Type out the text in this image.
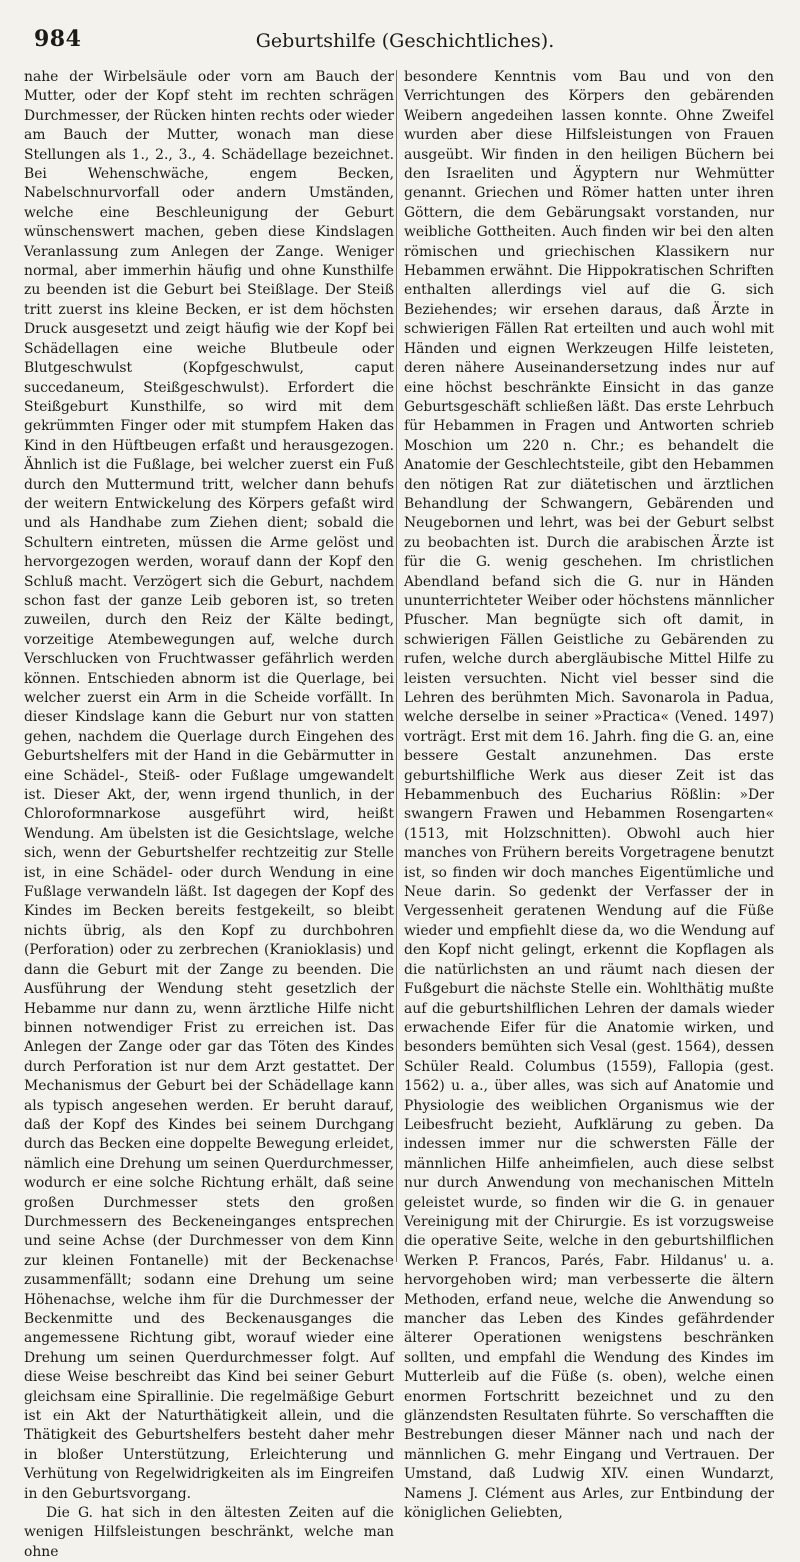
984	Geburtshilfe (Geschichtliches).

nahe der Wirbelsäule oder vorn am Bauch der Mutter, oder der Kopf steht im rechten schrägen Durchmesser, der Rücken hinten rechts oder wieder am Bauch der Mutter, wonach man diese Stellungen als 1., 2., 3., 4. Schädellage bezeichnet. Bei Wehenschwäche, engem Becken, Nabelschnurvorfall oder andern Umständen, welche eine Beschleunigung der Geburt wünschenswert machen, geben diese Kindslagen Veranlassung zum Anlegen der Zange. Weniger normal, aber immerhin häufig und ohne Kunsthilfe zu beenden ist die Geburt bei Steißlage. Der Steiß tritt zuerst ins kleine Becken, er ist dem höchsten Druck ausgesetzt und zeigt häufig wie der Kopf bei Schädellagen eine weiche Blutbeule oder Blutgeschwulst (Kopfgeschwulst, caput succedaneum, Steißgeschwulst). Erfordert die Steißgeburt Kunsthilfe, so wird mit dem gekrümmten Finger oder mit stumpfem Haken das Kind in den Hüftbeugen erfaßt und herausgezogen. Ähnlich ist die Fußlage, bei welcher zuerst ein Fuß durch den Muttermund tritt, welcher dann behufs der weitern Entwickelung des Körpers gefaßt wird und als Handhabe zum Ziehen dient; sobald die Schultern eintreten, müssen die Arme gelöst und hervorgezogen werden, worauf dann der Kopf den Schluß macht. Verzögert sich die Geburt, nachdem schon fast der ganze Leib geboren ist, so treten zuweilen, durch den Reiz der Kälte bedingt, vorzeitige Atembewegungen auf, welche durch Verschlucken von Fruchtwasser gefährlich werden können. Entschieden abnorm ist die Querlage, bei welcher zuerst ein Arm in die Scheide vorfällt. In dieser Kindslage kann die Geburt nur von statten gehen, nachdem die Querlage durch Eingehen des Geburtshelfers mit der Hand in die Gebärmutter in eine Schädel-, Steiß- oder Fußlage umgewandelt ist. Dieser Akt, der, wenn irgend thunlich, in der Chloroformnarkose ausgeführt wird, heißt Wendung. Am übelsten ist die Gesichtslage, welche sich, wenn der Geburtshelfer rechtzeitig zur Stelle ist, in eine Schädel- oder durch Wendung in eine Fußlage verwandeln läßt. Ist dagegen der Kopf des Kindes im Becken bereits festgekeilt, so bleibt nichts übrig, als den Kopf zu durchbohren (Perforation) oder zu zerbrechen (Kranioklasis) und dann die Geburt mit der Zange zu beenden. Die Ausführung der Wendung steht gesetzlich der Hebamme nur dann zu, wenn ärztliche Hilfe nicht binnen notwendiger Frist zu erreichen ist. Das Anlegen der Zange oder gar das Töten des Kindes durch Perforation ist nur dem Arzt gestattet. Der Mechanismus der Geburt bei der Schädellage kann als typisch angesehen werden. Er beruht darauf, daß der Kopf des Kindes bei seinem Durchgang durch das Becken eine doppelte Bewegung erleidet, nämlich eine Drehung um seinen Querdurchmesser, wodurch er eine solche Richtung erhält, daß seine großen Durchmesser stets den großen Durchmessern des Beckeneinganges entsprechen und seine Achse (der Durchmesser von dem Kinn zur kleinen Fontanelle) mit der Beckenachse zusammenfällt; sodann eine Drehung um seine Höhenachse, welche ihm für die Durchmesser der Beckenmitte und des Beckenausganges die angemessene Richtung gibt, worauf wieder eine Drehung um seinen Querdurchmesser folgt. Auf diese Weise beschreibt das Kind bei seiner Geburt gleichsam eine Spirallinie. Die regelmäßige Geburt ist ein Akt der Naturthätigkeit allein, und die Thätigkeit des Geburtshelfers besteht daher mehr in bloßer Unterstützung, Erleichterung und Verhütung von Regelwidrigkeiten als im Eingreifen in den Geburtsvorgang.

Die G. hat sich in den ältesten Zeiten auf die wenigen Hilfsleistungen beschränkt, welche man ohne

besondere Kenntnis vom Bau und von den Verrichtungen des Körpers den gebärenden Weibern angedeihen lassen konnte. Ohne Zweifel wurden aber diese Hilfsleistungen von Frauen ausgeübt. Wir finden in den heiligen Büchern bei den Israeliten und Ägyptern nur Wehmütter genannt. Griechen und Römer hatten unter ihren Göttern, die dem Gebärungsakt vorstanden, nur weibliche Gottheiten. Auch finden wir bei den alten römischen und griechischen Klassikern nur Hebammen erwähnt. Die Hippokratischen Schriften enthalten allerdings viel auf die G. sich Beziehendes; wir ersehen daraus, daß Ärzte in schwierigen Fällen Rat erteilten und auch wohl mit Händen und eignen Werkzeugen Hilfe leisteten, deren nähere Auseinandersetzung indes nur auf eine höchst beschränkte Einsicht in das ganze Geburtsgeschäft schließen läßt. Das erste Lehrbuch für Hebammen in Fragen und Antworten schrieb Moschion um 220 n. Chr.; es behandelt die Anatomie der Geschlechtsteile, gibt den Hebammen den nötigen Rat zur diätetischen und ärztlichen Behandlung der Schwangern, Gebärenden und Neugebornen und lehrt, was bei der Geburt selbst zu beobachten ist. Durch die arabischen Ärzte ist für die G. wenig geschehen. Im christlichen Abendland befand sich die G. nur in Händen ununterrichteter Weiber oder höchstens männlicher Pfuscher. Man begnügte sich oft damit, in schwierigen Fällen Geistliche zu Gebärenden zu rufen, welche durch abergläubische Mittel Hilfe zu leisten versuchten. Nicht viel besser sind die Lehren des berühmten Mich. Savonarola in Padua, welche derselbe in seiner »Practica« (Vened. 1497) vorträgt. Erst mit dem 16. Jahrh. fing die G. an, eine bessere Gestalt anzunehmen. Das erste geburtshilfliche Werk aus dieser Zeit ist das Hebammenbuch des Eucharius Rößlin: »Der swangern Frawen und Hebammen Rosengarten« (1513, mit Holzschnitten). Obwohl auch hier manches von Frühern bereits Vorgetragene benutzt ist, so finden wir doch manches Eigentümliche und Neue darin. So gedenkt der Verfasser der in Vergessenheit geratenen Wendung auf die Füße wieder und empfiehlt diese da, wo die Wendung auf den Kopf nicht gelingt, erkennt die Kopflagen als die natürlichsten an und räumt nach diesen der Fußgeburt die nächste Stelle ein. Wohlthätig mußte auf die geburtshilflichen Lehren der damals wieder erwachende Eifer für die Anatomie wirken, und besonders bemühten sich Vesal (gest. 1564), dessen Schüler Reald. Columbus (1559), Fallopia (gest. 1562) u. a., über alles, was sich auf Anatomie und Physiologie des weiblichen Organismus wie der Leibesfrucht bezieht, Aufklärung zu geben. Da indessen immer nur die schwersten Fälle der männlichen Hilfe anheimfielen, auch diese selbst nur durch Anwendung von mechanischen Mitteln geleistet wurde, so finden wir die G. in genauer Vereinigung mit der Chirurgie. Es ist vorzugsweise die operative Seite, welche in den geburtshilflichen Werken P. Francos, Parés, Fabr. Hildanus' u. a. hervorgehoben wird; man verbesserte die ältern Methoden, erfand neue, welche die Anwendung so mancher das Leben des Kindes gefährdender älterer Operationen wenigstens beschränken sollten, und empfahl die Wendung des Kindes im Mutterleib auf die Füße (s. oben), welche einen enormen Fortschritt bezeichnet und zu den glänzendsten Resultaten führte. So verschafften die Bestrebungen dieser Männer nach und nach der männlichen G. mehr Eingang und Vertrauen. Der Umstand, daß Ludwig XIV. einen Wundarzt, Namens J. Clément aus Arles, zur Entbindung der königlichen Geliebten,
